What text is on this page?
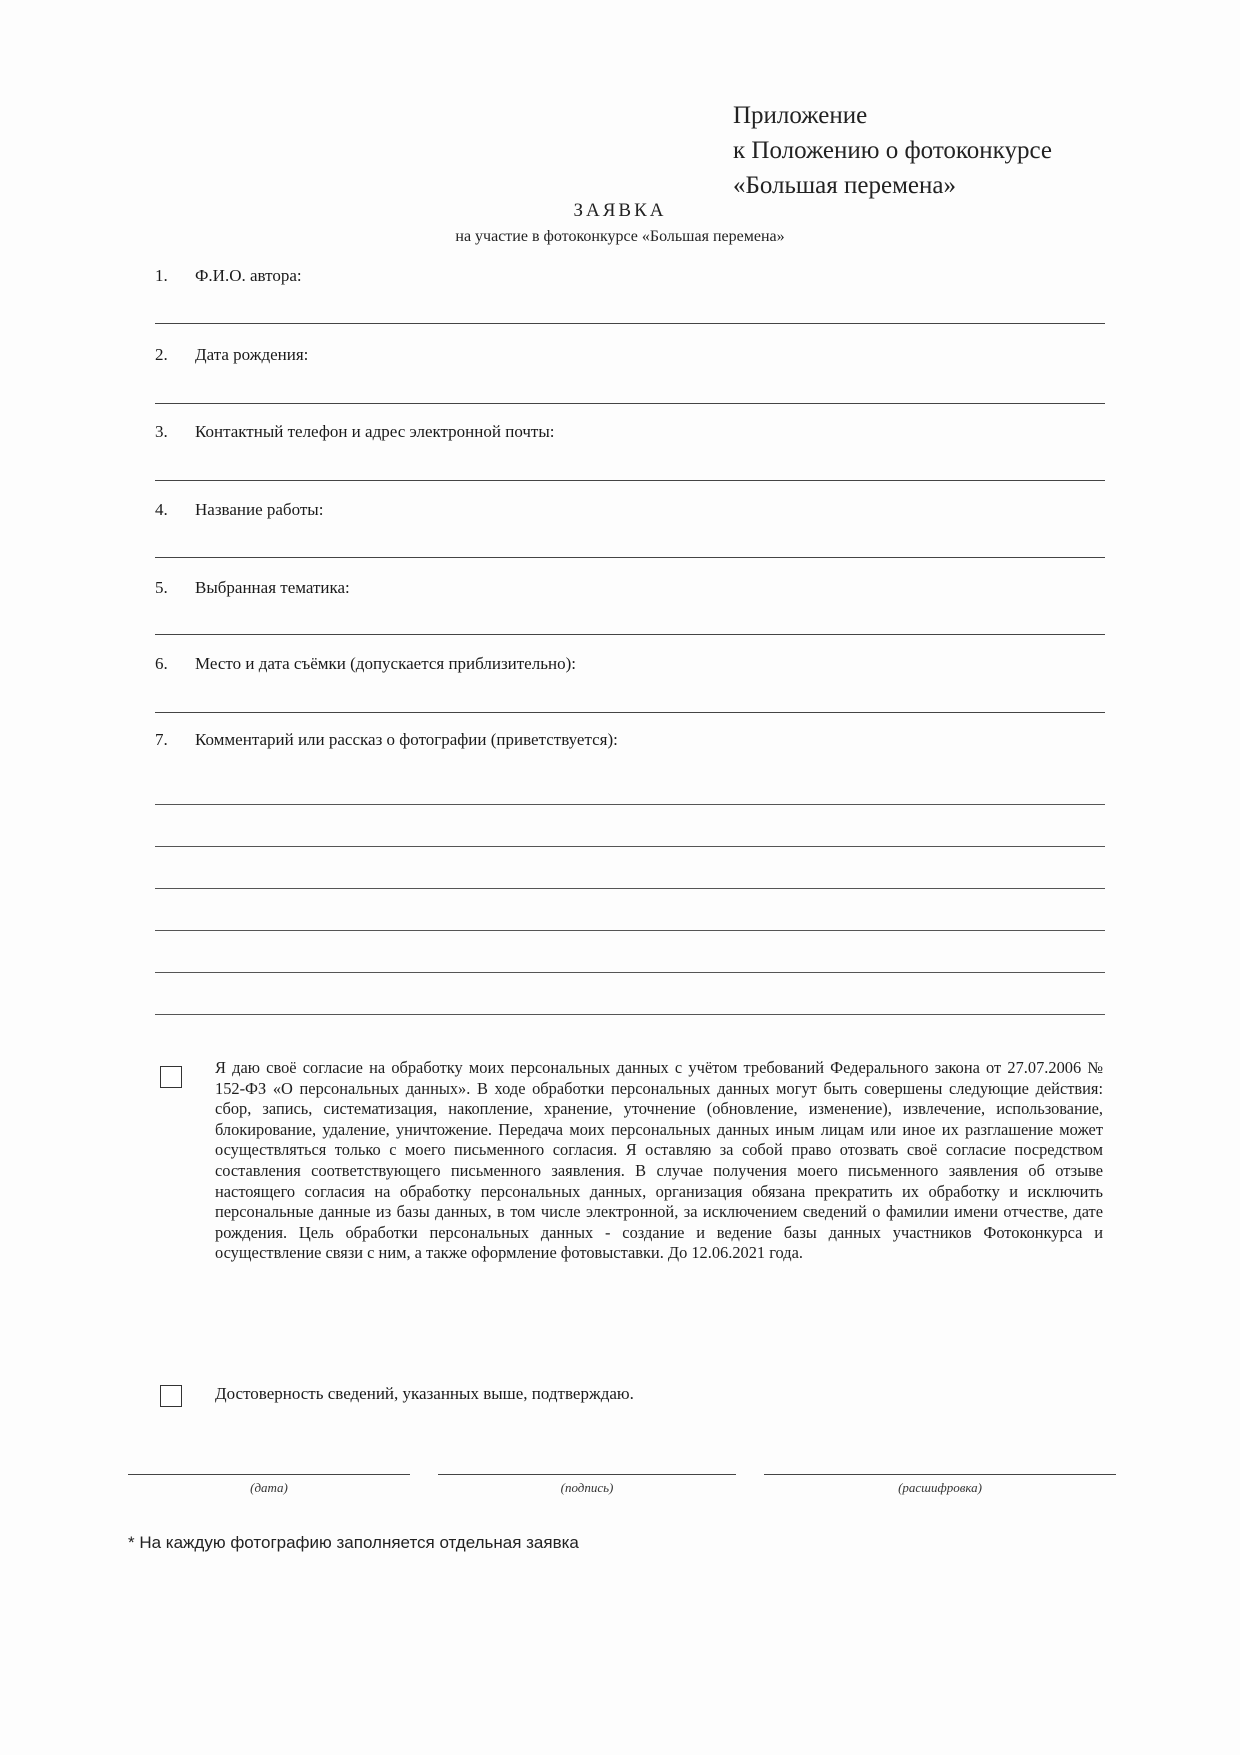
Приложение
к Положению о фотоконкурсе
«Большая перемена»
ЗАЯВКА
на участие в фотоконкурсе «Большая перемена»
1.	Ф.И.О. автора:
2.	Дата рождения:
3.	Контактный телефон и адрес электронной почты:
4.	Название работы:
5.	Выбранная тематика:
6.	Место и дата съёмки (допускается приблизительно):
7.	Комментарий или рассказ о фотографии (приветствуется):
Я даю своё согласие на обработку моих персональных данных с учётом требований Федерального закона от 27.07.2006 № 152-ФЗ «О персональных данных». В ходе обработки персональных данных могут быть совершены следующие действия: сбор, запись, систематизация, накопление, хранение, уточнение (обновление, изменение), извлечение, использование, блокирование, удаление, уничтожение. Передача моих персональных данных иным лицам или иное их разглашение может осуществляться только с моего письменного согласия. Я оставляю за собой право отозвать своё согласие посредством составления соответствующего письменного заявления. В случае получения моего письменного заявления об отзыве настоящего согласия на обработку персональных данных, организация обязана прекратить их обработку и исключить персональные данные из базы данных, в том числе электронной, за исключением сведений о фамилии имени отчестве, дате рождения. Цель обработки персональных данных - создание и ведение базы данных участников Фотоконкурса и осуществление связи с ним, а также оформление фотовыставки. До 12.06.2021 года.
Достоверность сведений, указанных выше, подтверждаю.
(дата)	(подпись)	(расшифровка)
* На каждую фотографию заполняется отдельная заявка
